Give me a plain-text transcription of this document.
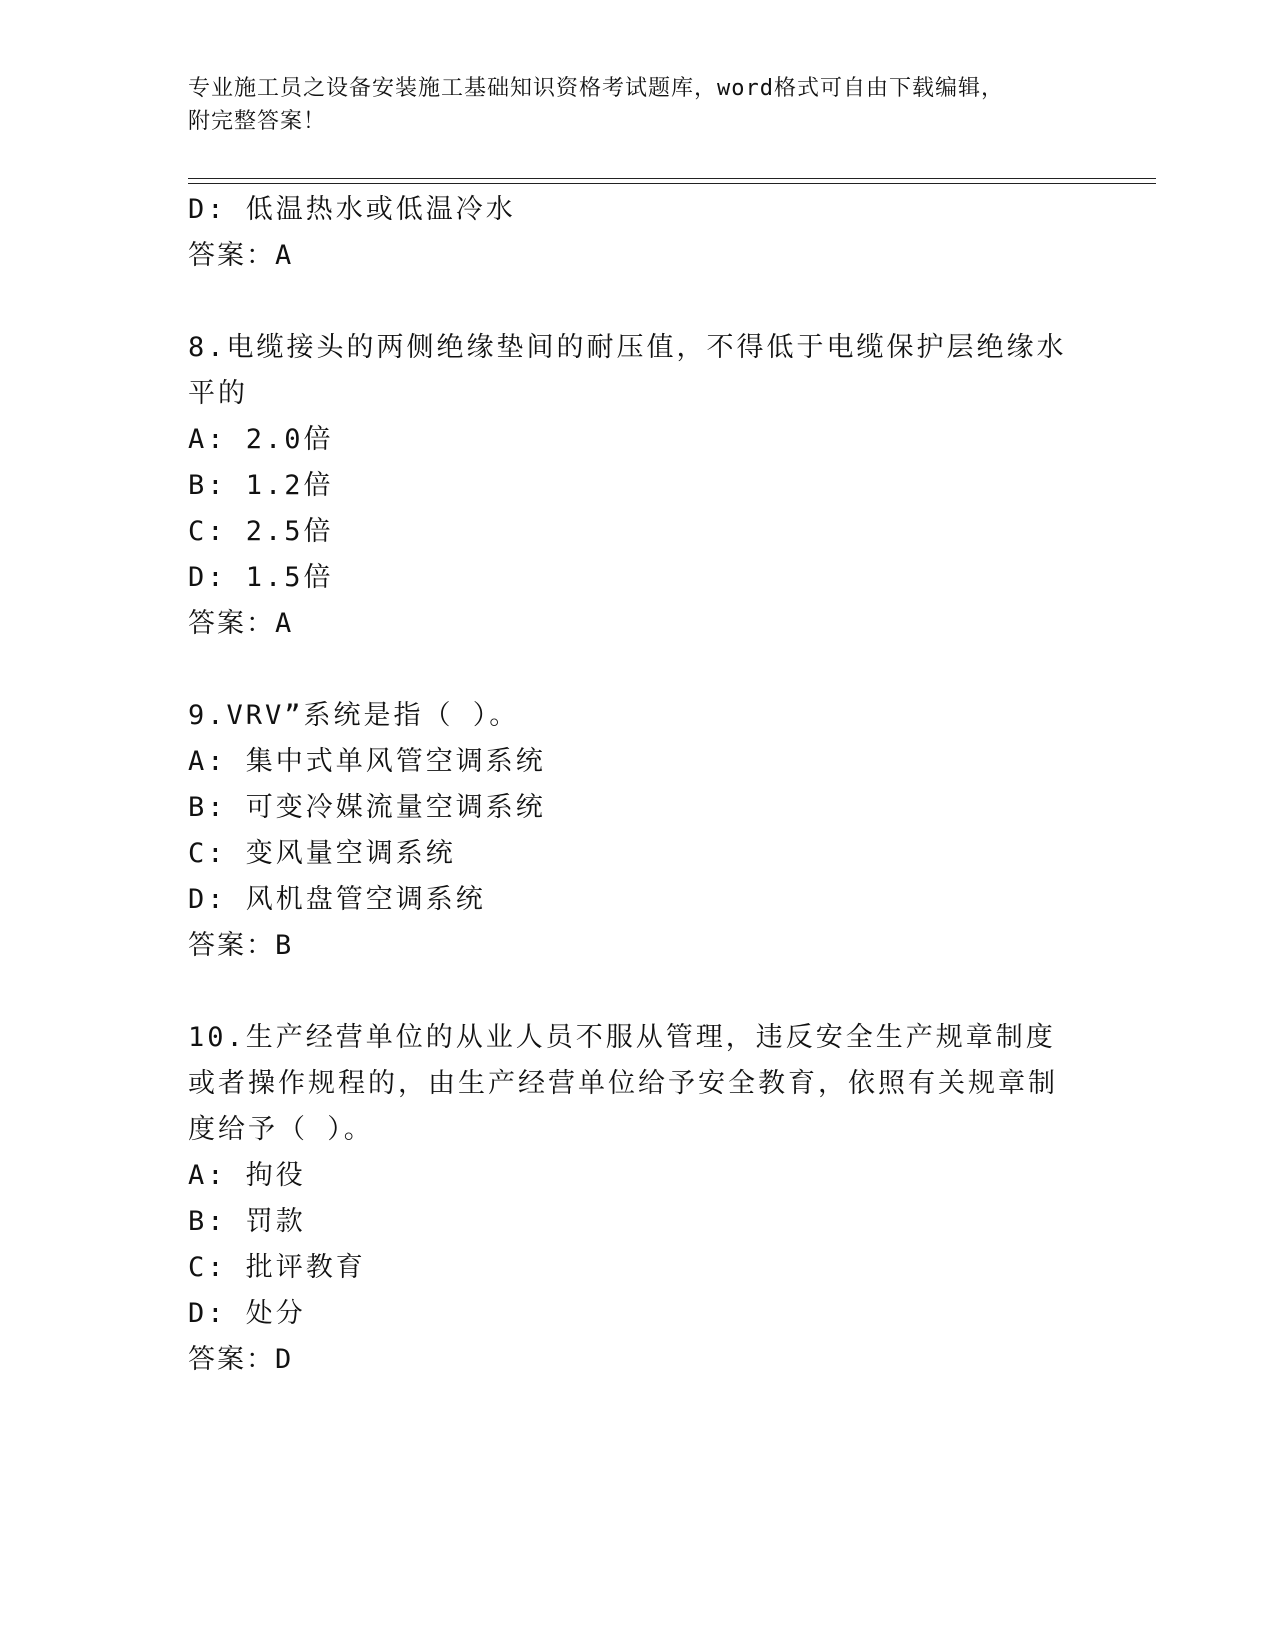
专业施工员之设备安装施工基础知识资格考试题库，word格式可自由下载编辑，
附完整答案！
D: 低温热水或低温冷水
答案：A
8.电缆接头的两侧绝缘垫间的耐压值，不得低于电缆保护层绝缘水平的
A: 2.0倍
B: 1.2倍
C: 2.5倍
D: 1.5倍
答案：A
9.VRV”系统是指（ ）。
A: 集中式单风管空调系统
B: 可变冷媒流量空调系统
C: 变风量空调系统
D: 风机盘管空调系统
答案：B
10.生产经营单位的从业人员不服从管理，违反安全生产规章制度或者操作规程的，由生产经营单位给予安全教育，依照有关规章制度给予（ ）。
A: 拘役
B: 罚款
C: 批评教育
D: 处分
答案：D
